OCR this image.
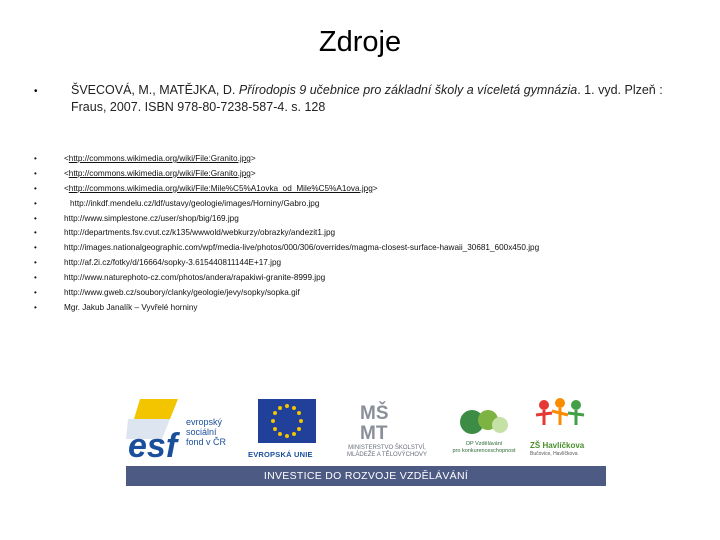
Zdroje
•	ŠVECOVÁ, M., MATĚJKA, D. Přírodopis 9 učebnice pro základní školy a víceletá gymnázia. 1. vyd. Plzeň : Fraus, 2007. ISBN 978-80-7238-587-4. s. 128
•	<http://commons.wikimedia.org/wiki/File:Granito.jpg>
•	<http://commons.wikimedia.org/wiki/File:Granito.jpg>
•	<http://commons.wikimedia.org/wiki/File:Mile%C5%A1ovka_od_Mile%C5%A1ova.jpg>
•	http://inkdf.mendelu.cz/ldf/ustavy/geologie/images/Horniny/Gabro.jpg
•	http://www.simplestone.cz/user/shop/big/169.jpg
•	http://departments.fsv.cvut.cz/k135/wwwold/webkurzy/obrazky/andezit1.jpg
•	http://images.nationalgeographic.com/wpf/media-live/photos/000/306/overrides/magma-closest-surface-hawaii_30681_600x450.jpg
•	http://af.2i.cz/fotky/d/16664/sopky-3.615440811144E+17.jpg
•	http://www.naturephoto-cz.com/photos/andera/rapakiwi-granite-8999.jpg
•	http://www.gweb.cz/soubory/clanky/geologie/jevy/sopky/sopka.gif
•	Mgr. Jakub Janalík – Vyvřelé horniny
esf
evropský
sociální
fond v ČR
EVROPSKÁ UNIE
MŠ
MT
MINISTERSTVO ŠKOLSTVÍ,
MLÁDEŽE A TĚLOVÝCHOVY
OP Vzdělávání
pro konkurenceschopnost
ZŠ Havlíčkova
Bučovice, Havlíčkova
INVESTICE DO ROZVOJE VZDĚLÁVÁNÍ
